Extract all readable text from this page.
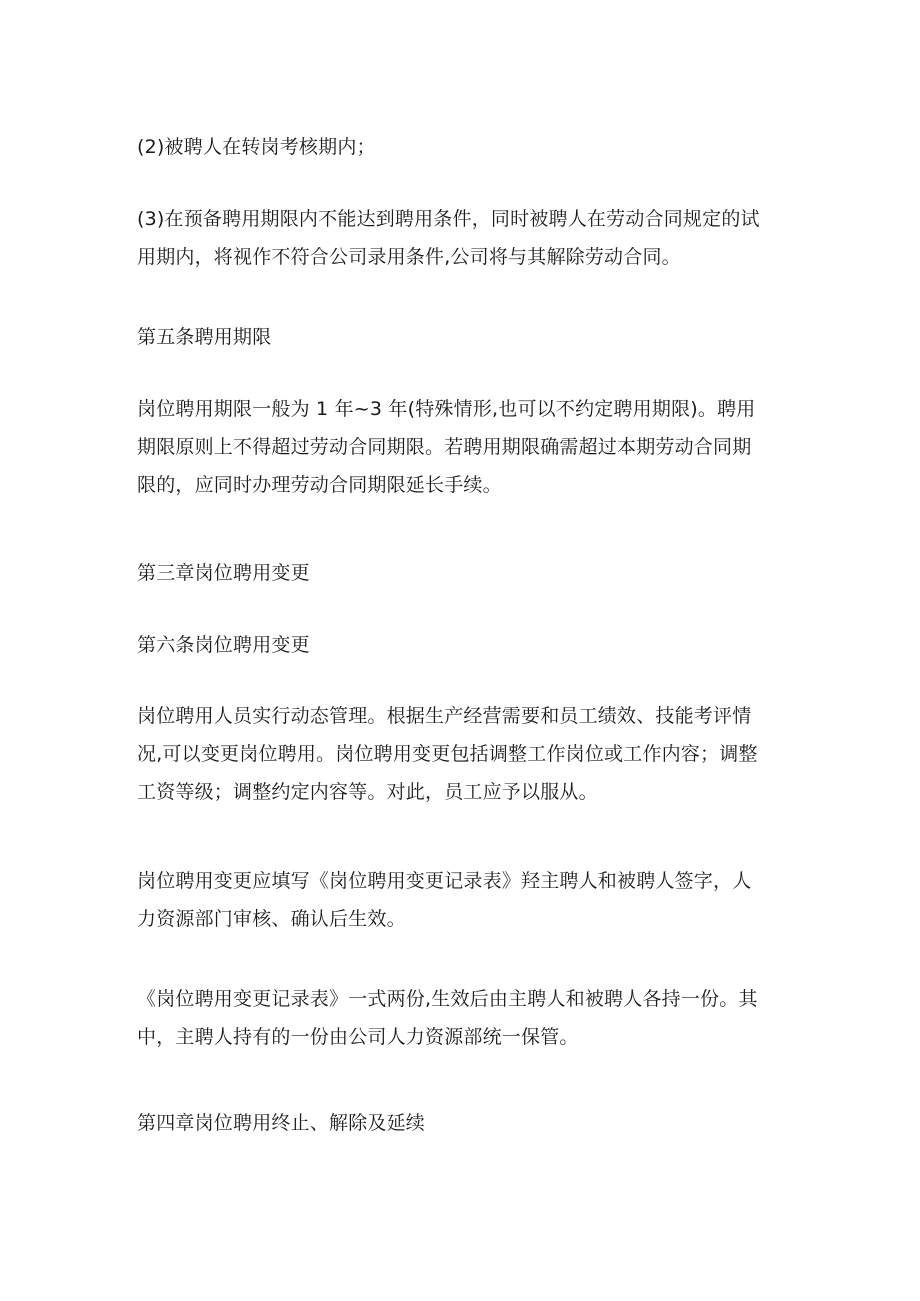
(2)被聘人在转岗考核期内；

(3)在预备聘用期限内不能达到聘用条件，同时被聘人在劳动合同规定的试
用期内，将视作不符合公司录用条件,公司将与其解除劳动合同。

第五条聘用期限

岗位聘用期限一般为 1 年~3 年(特殊情形,也可以不约定聘用期限)。聘用
期限原则上不得超过劳动合同期限。若聘用期限确需超过本期劳动合同期
限的，应同时办理劳动合同期限延长手续。

第三章岗位聘用变更

第六条岗位聘用变更

岗位聘用人员实行动态管理。根据生产经营需要和员工绩效、技能考评情
况,可以变更岗位聘用。岗位聘用变更包括调整工作岗位或工作内容；调整
工资等级；调整约定内容等。对此，员工应予以服从。

岗位聘用变更应填写《岗位聘用变更记录表》羟主聘人和被聘人签字，人
力资源部门审核、确认后生效。

《岗位聘用变更记录表》一式两份,生效后由主聘人和被聘人各持一份。其
中，主聘人持有的一份由公司人力资源部统一保管。

第四章岗位聘用终止、解除及延续
